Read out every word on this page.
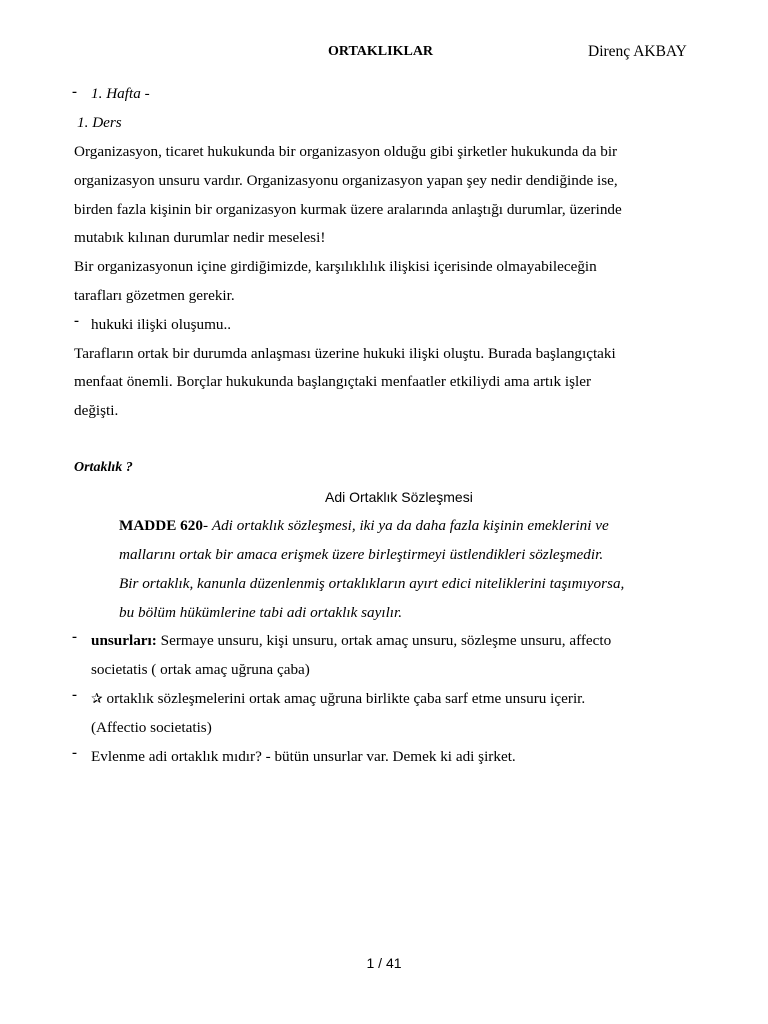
ORTAKLIKLAR	Direnç AKBAY
- 1. Hafta -
1. Ders
Organizasyon, ticaret hukukunda bir organizasyon olduğu gibi şirketler hukukunda da bir
organizasyon unsuru vardır. Organizasyonu organizasyon yapan şey nedir dendiğinde ise,
birden fazla kişinin bir organizasyon kurmak üzere aralarında anlaştığı durumlar, üzerinde
mutabık kılınan durumlar nedir meselesi!
Bir organizasyonun içine girdiğimizde, karşılıklılık ilişkisi içerisinde olmayabileceğin
tarafları gözetmen gerekir.
- hukuki ilişki oluşumu..
Tarafların ortak bir durumda anlaşması üzerine hukuki ilişki oluştu. Burada başlangıçtaki
menfaat önemli. Borçlar hukukunda başlangıçtaki menfaatler etkiliydi ama artık işler
değişti.
Ortaklık ?
Adi Ortaklık Sözleşmesi
MADDE 620- Adi ortaklık sözleşmesi, iki ya da daha fazla kişinin emeklerini ve
mallarını ortak bir amaca erişmek üzere birleştirmeyi üstlendikleri sözleşmedir.
Bir ortaklık, kanunla düzenlenmiş ortaklıkların ayırt edici niteliklerini taşımıyorsa,
bu bölüm hükümlerine tabi adi ortaklık sayılır.
- unsurları: Sermaye unsuru, kişi unsuru, ortak amaç unsuru, sözleşme unsuru, affecto
societatis ( ortak amaç uğruna çaba)
- ✰ ortaklık sözleşmelerini ortak amaç uğruna birlikte çaba sarf etme unsuru içerir.
(Affectio societatis)
- Evlenme adi ortaklık mıdır? - bütün unsurlar var. Demek ki adi şirket.
1 / 41
